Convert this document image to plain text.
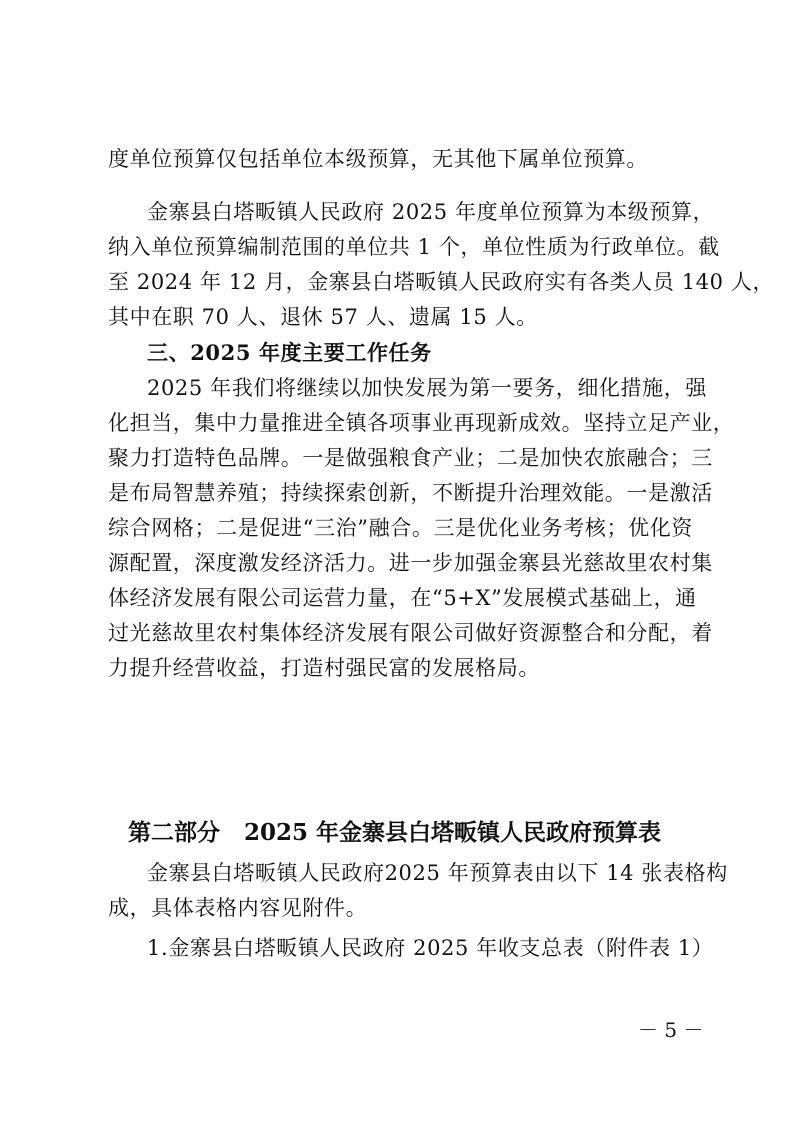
度单位预算仅包括单位本级预算，无其他下属单位预算。
金寨县白塔畈镇人民政府 2025 年度单位预算为本级预算，
纳入单位预算编制范围的单位共 1 个，单位性质为行政单位。截
至 2024 年 12 月，金寨县白塔畈镇人民政府实有各类人员 140 人，
其中在职 70 人、退休 57 人、遗属 15 人。
三、2025 年度主要工作任务
2025 年我们将继续以加快发展为第一要务，细化措施，强
化担当，集中力量推进全镇各项事业再现新成效。坚持立足产业，
聚力打造特色品牌。一是做强粮食产业；二是加快农旅融合；三
是布局智慧养殖；持续探索创新，不断提升治理效能。一是激活
综合网格；二是促进“三治”融合。三是优化业务考核；优化资
源配置，深度激发经济活力。进一步加强金寨县光慈故里农村集
体经济发展有限公司运营力量，在“5+X”发展模式基础上，通
过光慈故里农村集体经济发展有限公司做好资源整合和分配，着
力提升经营收益，打造村强民富的发展格局。
第二部分 2025 年金寨县白塔畈镇人民政府预算表
金寨县白塔畈镇人民政府2025 年预算表由以下 14 张表格构
成，具体表格内容见附件。
1.金寨县白塔畈镇人民政府 2025 年收支总表（附件表 1）
－ 5 －
